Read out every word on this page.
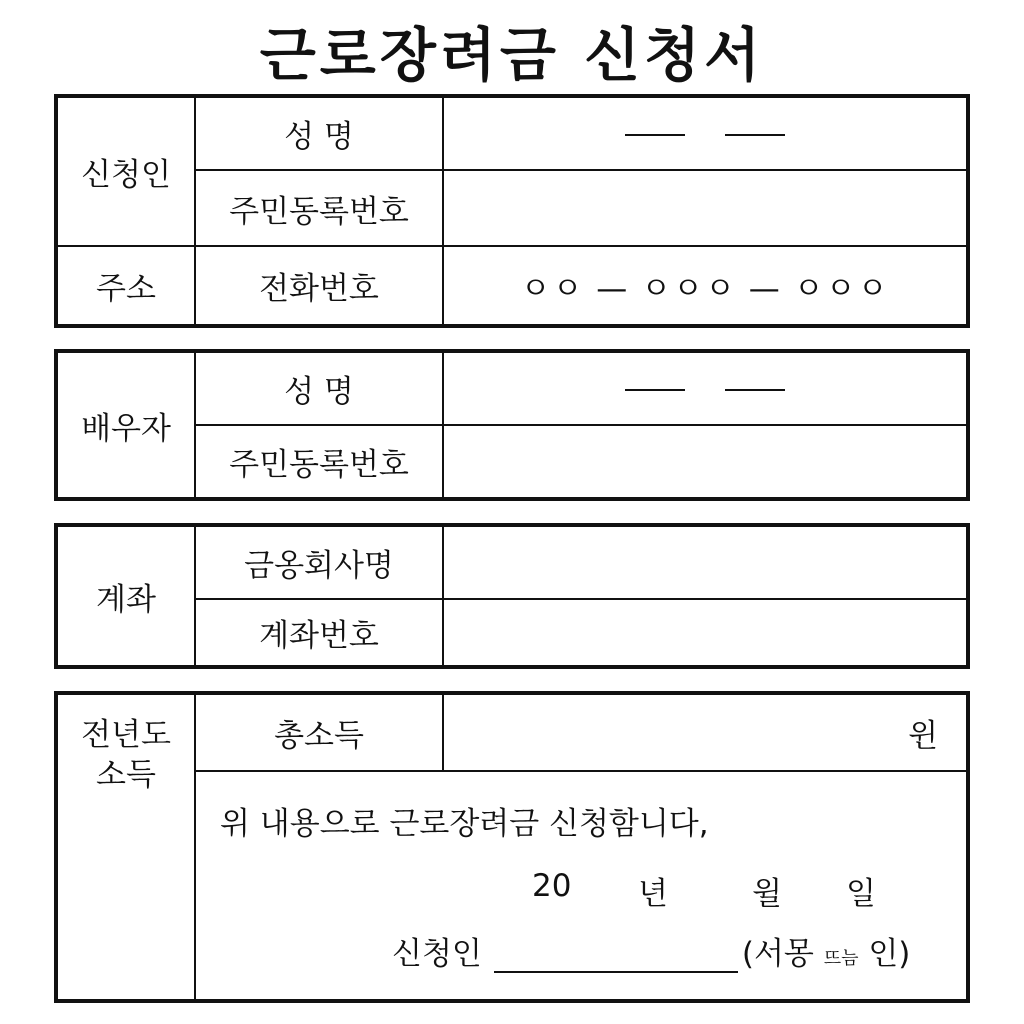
근로장려금 신청서
신청인	성 명	
	주민동록번호	
주소	전화번호	ㅇㅇ — ㅇㅇㅇ — ㅇㅇㅇ
배우자	성 명	
	주민동록번호	
계좌	금옹회사명	
	계좌번호	
전년도
소득
	총소득	윈

위 내용으로 근로장려금 신청함니다,
20 년	윌 일
신청인	(서몽 뜨늠 인)
